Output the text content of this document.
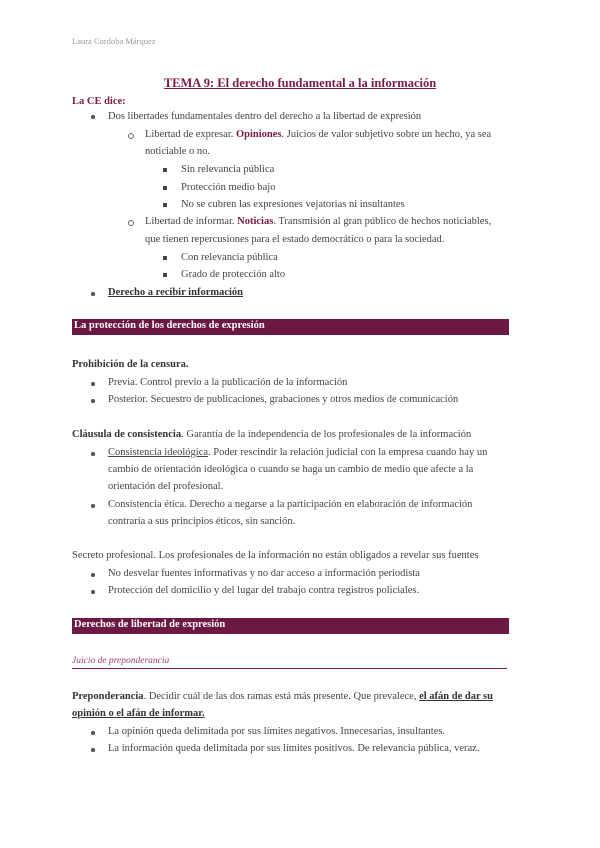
Laura Cordoba Márquez
TEMA 9: El derecho fundamental a la información
La CE dice:
Dos libertades fundamentales dentro del derecho a la libertad de expresión
Libertad de expresar. Opiniones. Juicios de valor subjetivo sobre un hecho, ya sea
noticiable o no.
Sin relevancia pública
Protección medio bajo
No se cubren las expresiones vejatorias ni insultantes
Libertad de informar. Noticias. Transmisión al gran público de hechos noticiables,
que tienen repercusiones para el estado democrático o para la sociedad.
Con relevancia pública
Grado de protección alto
Derecho a recibir información
La protección de los derechos de expresión
Prohibición de la censura.
Previa. Control previo a la publicación de la información
Posterior. Secuestro de publicaciones, grabaciones y otros medios de comunicación
Cláusula de consistencia. Garantía de la independencia de los profesionales de la información
Consistencia ideológica. Poder rescindir la relación judicial con la empresa cuando hay un
cambio de orientación ideológica o cuando se haga un cambio de medio que afecte a la
orientación del profesional.
Consistencia ética. Derecho a negarse a la participación en elaboración de información
contraria a sus principios éticos, sin sanción.
Secreto profesional. Los profesionales de la información no están obligados a revelar sus fuentes
No desvelar fuentes informativas y no dar acceso a información periodista
Protección del domicilio y del lugar del trabajo contra registros policiales.
Derechos de libertad de expresión
Juicio de preponderancia
Preponderancia. Decidir cuál de las dos ramas está más presente. Que prevalece, el afán de dar su
opinión o el afán de informar.
La opinión queda delimitada por sus límites negativos. Innecesarias, insultantes.
La información queda delimitada por sus límites positivos. De relevancia pública, veraz.
